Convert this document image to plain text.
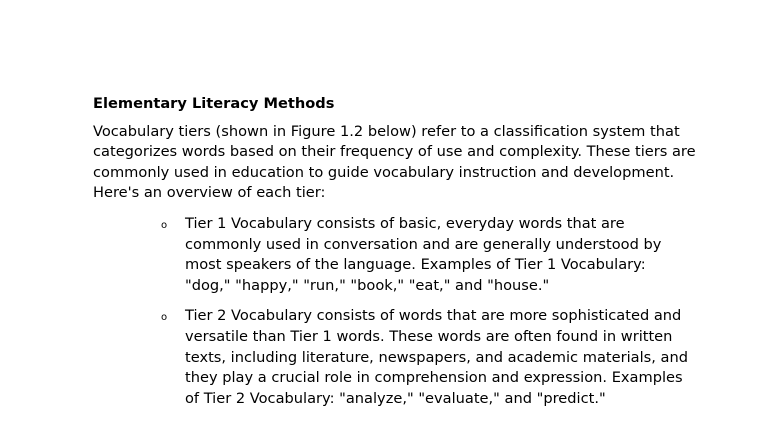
Elementary Literacy Methods
Vocabulary tiers (shown in Figure 1.2 below) refer to a classification system that categorizes words based on their frequency of use and complexity. These tiers are commonly used in education to guide vocabulary instruction and development. Here's an overview of each tier:
o Tier 1 Vocabulary consists of basic, everyday words that are commonly used in conversation and are generally understood by most speakers of the language. Examples of Tier 1 Vocabulary: "dog," "happy," "run," "book," "eat," and "house."
o Tier 2 Vocabulary consists of words that are more sophisticated and versatile than Tier 1 words. These words are often found in written texts, including literature, newspapers, and academic materials, and they play a crucial role in comprehension and expression. Examples of Tier 2 Vocabulary: "analyze," "evaluate," and "predict."
